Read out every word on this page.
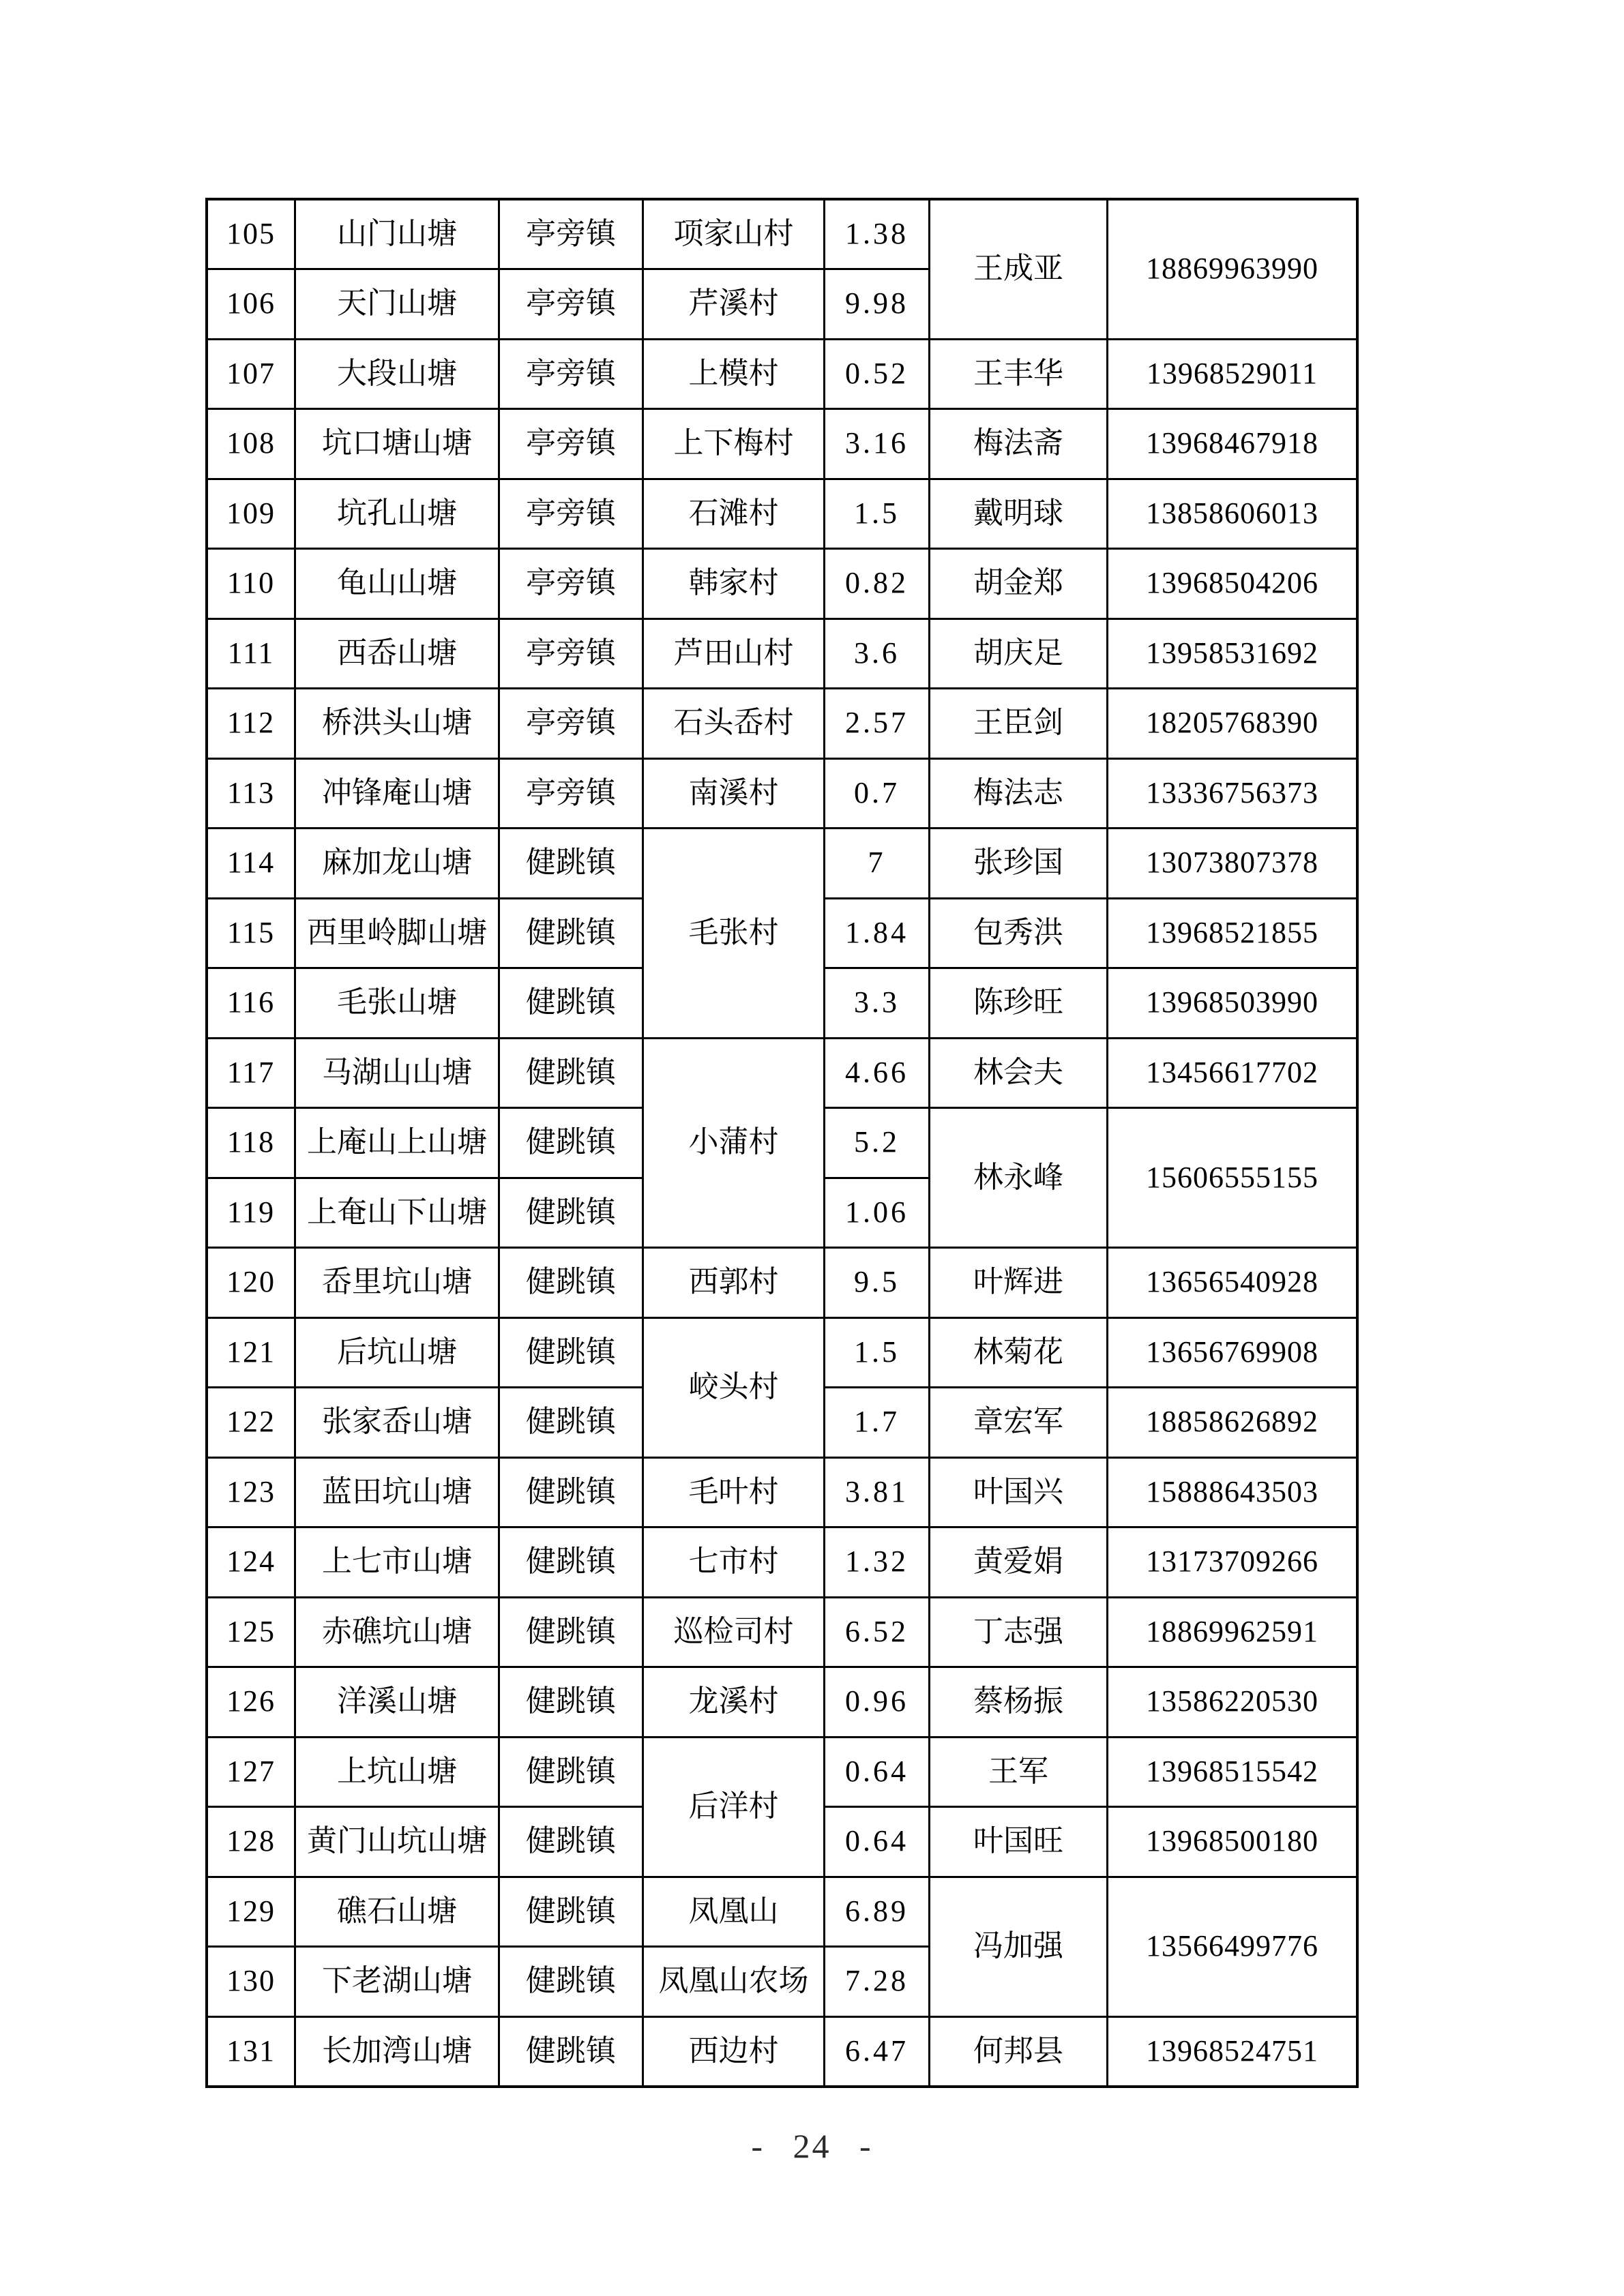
105	山门山塘	亭旁镇	项家山村	1.38	王成亚	18869963990
106	天门山塘	亭旁镇	芹溪村	9.98		
107	大段山塘	亭旁镇	上模村	0.52	王丰华	13968529011
108	坑口塘山塘	亭旁镇	上下梅村	3.16	梅法斋	13968467918
109	坑孔山塘	亭旁镇	石滩村	1.5	戴明球	13858606013
110	龟山山塘	亭旁镇	韩家村	0.82	胡金郑	13968504206
111	西岙山塘	亭旁镇	芦田山村	3.6	胡庆足	13958531692
112	桥洪头山塘	亭旁镇	石头岙村	2.57	王臣剑	18205768390
113	冲锋庵山塘	亭旁镇	南溪村	0.7	梅法志	13336756373
114	麻加龙山塘	健跳镇	毛张村	7	张珍国	13073807378
115	西里岭脚山塘	健跳镇		1.84	包秀洪	13968521855
116	毛张山塘	健跳镇		3.3	陈珍旺	13968503990
117	马湖山山塘	健跳镇	小蒲村	4.66	林会夫	13456617702
118	上庵山上山塘	健跳镇		5.2	林永峰	15606555155
119	上奄山下山塘	健跳镇		1.06		
120	岙里坑山塘	健跳镇	西郭村	9.5	叶辉进	13656540928
121	后坑山塘	健跳镇	峧头村	1.5	林菊花	13656769908
122	张家岙山塘	健跳镇		1.7	章宏军	18858626892
123	蓝田坑山塘	健跳镇	毛叶村	3.81	叶国兴	15888643503
124	上七市山塘	健跳镇	七市村	1.32	黄爱娟	13173709266
125	赤礁坑山塘	健跳镇	巡检司村	6.52	丁志强	18869962591
126	洋溪山塘	健跳镇	龙溪村	0.96	蔡杨振	13586220530
127	上坑山塘	健跳镇	后洋村	0.64	王军	13968515542
128	黄门山坑山塘	健跳镇		0.64	叶国旺	13968500180
129	礁石山塘	健跳镇	凤凰山	6.89	冯加强	13566499776
130	下老湖山塘	健跳镇	凤凰山农场	7.28		
131	长加湾山塘	健跳镇	西边村	6.47	何邦县	13968524751
- 24 -
